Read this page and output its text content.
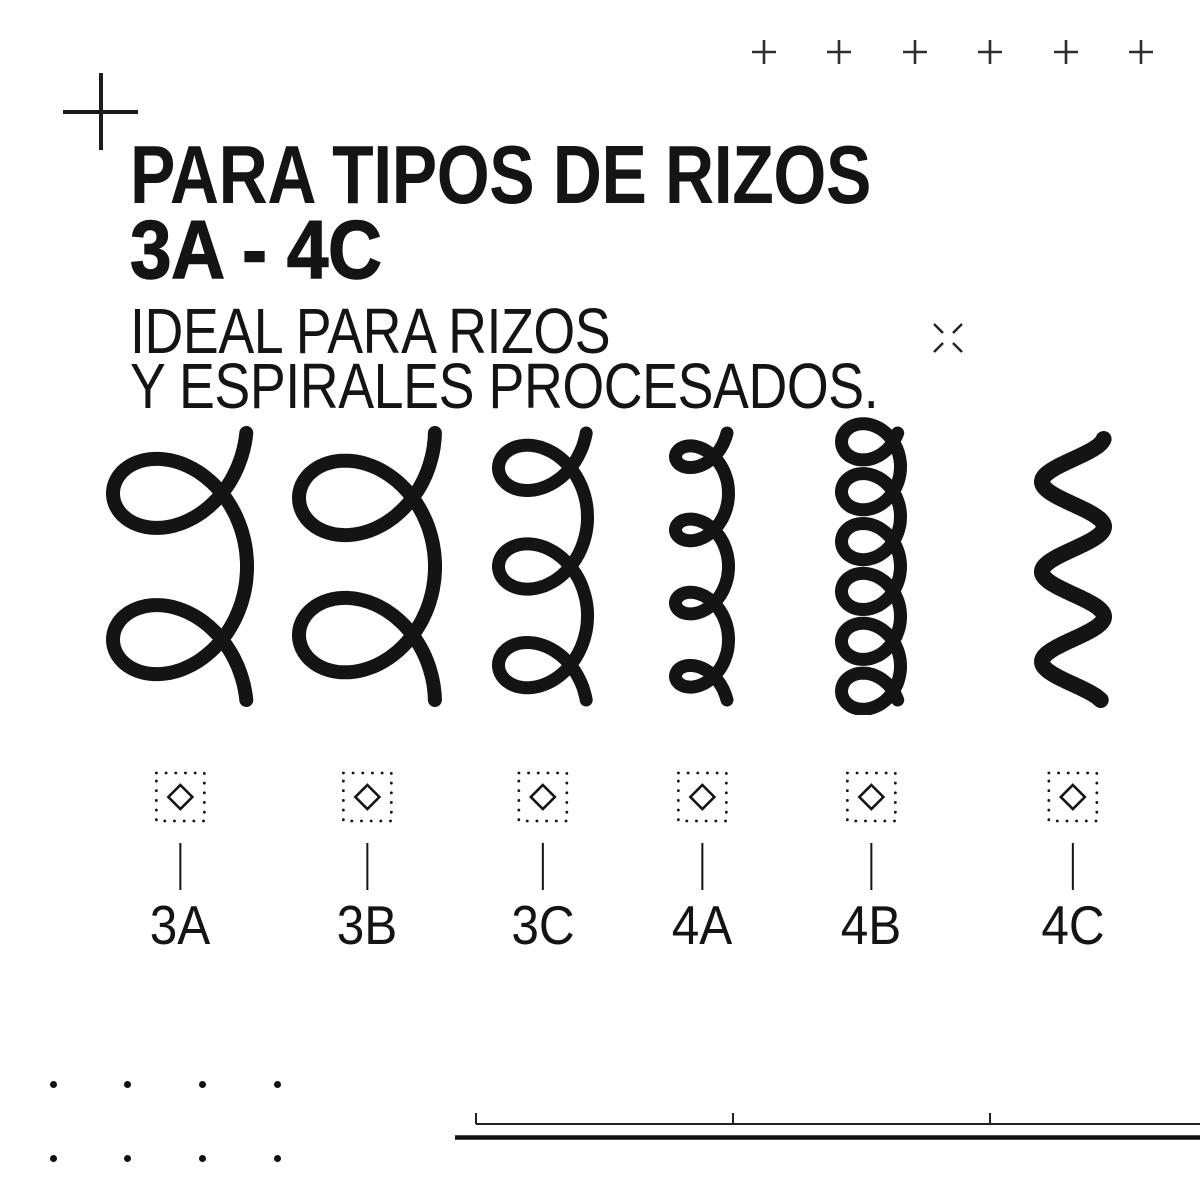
PARA TIPOS DE RIZOS
3A - 4C
IDEAL PARA RIZOS
Y ESPIRALES PROCESADOS.
3A 3B 3C 4A 4B	4C
